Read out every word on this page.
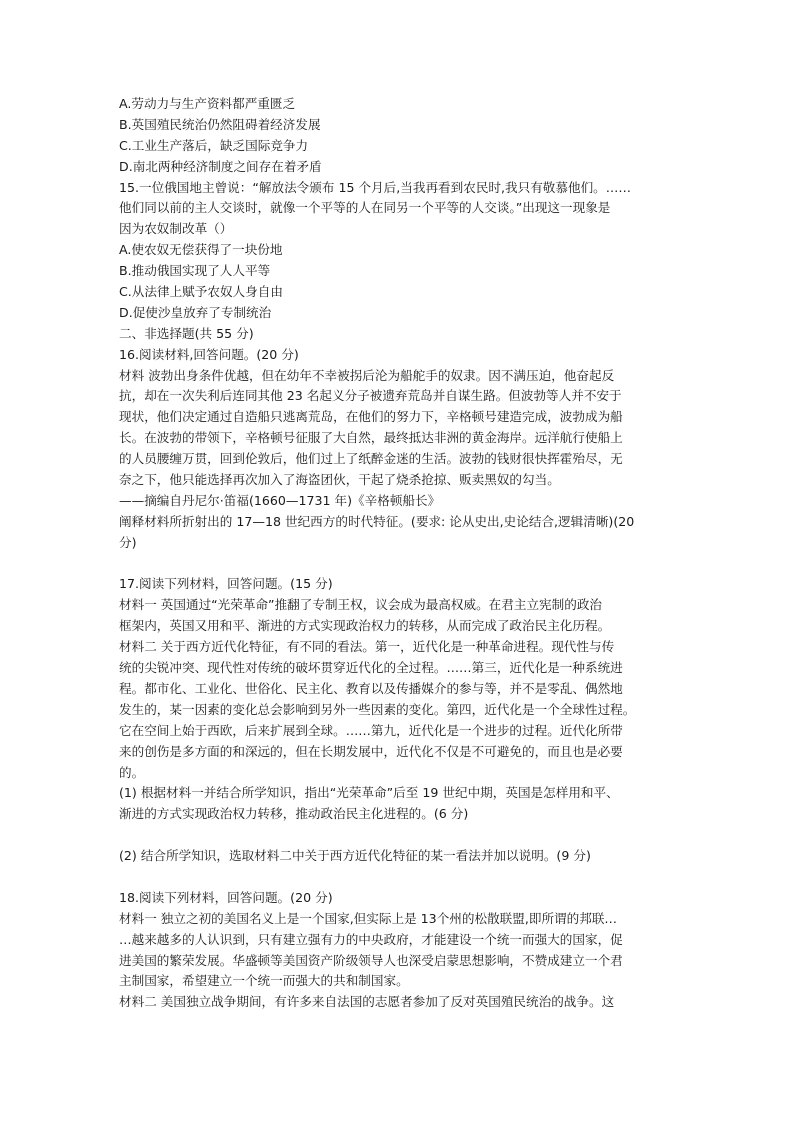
A.劳动力与生产资料都严重匮乏
B.英国殖民统治仍然阻碍着经济发展
C.工业生产落后，缺乏国际竞争力
D.南北两种经济制度之间存在着矛盾
15.一位俄国地主曾说：“解放法令颁布 15 个月后,当我再看到农民时,我只有敬慕他们。……
他们同以前的主人交谈时，就像一个平等的人在同另一个平等的人交谈。”出现这一现象是
因为农奴制改革（）
A.使农奴无偿获得了一块份地
B.推动俄国实现了人人平等
C.从法律上赋予农奴人身自由
D.促使沙皇放弃了专制统治
二、非选择题(共 55 分)
16.阅读材料,回答问题。(20 分)
材料 波勃出身条件优越，但在幼年不幸被拐后沦为船舵手的奴隶。因不满压迫，他奋起反
抗，却在一次失利后连同其他 23 名起义分子被遗弃荒岛并自谋生路。但波勃等人并不安于
现状，他们决定通过自造船只逃离荒岛，在他们的努力下，辛格顿号建造完成，波勃成为船
长。在波勃的带领下，辛格顿号征服了大自然，最终抵达非洲的黄金海岸。远洋航行使船上
的人员腰缠万贯，回到伦敦后，他们过上了纸醉金迷的生活。波勃的钱财很快挥霍殆尽，无
奈之下，他只能选择再次加入了海盗团伙，干起了烧杀抢掠、贩卖黑奴的勾当。
——摘编自丹尼尔·笛福(1660—1731 年)《辛格顿船长》
阐释材料所折射出的 17—18 世纪西方的时代特征。(要求: 论从史出,史论结合,逻辑清晰)(20
分)
17.阅读下列材料，回答问题。(15 分)
材料一 英国通过“光荣革命”推翻了专制王权，议会成为最高权威。在君主立宪制的政治
框架内，英国又用和平、渐进的方式实现政治权力的转移，从而完成了政治民主化历程。
材料二 关于西方近代化特征，有不同的看法。第一，近代化是一种革命进程。现代性与传
统的尖锐冲突、现代性对传统的破坏贯穿近代化的全过程。……第三，近代化是一种系统进
程。都市化、工业化、世俗化、民主化、教育以及传播媒介的参与等，并不是零乱、偶然地
发生的，某一因素的变化总会影响到另外一些因素的变化。第四，近代化是一个全球性过程。
它在空间上始于西欧，后来扩展到全球。……第九，近代化是一个进步的过程。近代化所带
来的创伤是多方面的和深远的，但在长期发展中，近代化不仅是不可避免的，而且也是必要
的。
(1) 根据材料一并结合所学知识，指出“光荣革命”后至 19 世纪中期，英国是怎样用和平、
渐进的方式实现政治权力转移，推动政治民主化进程的。(6 分)
(2) 结合所学知识，选取材料二中关于西方近代化特征的某一看法并加以说明。(9 分)
18.阅读下列材料，回答问题。(20 分)
材料一 独立之初的美国名义上是一个国家,但实际上是 13个州的松散联盟,即所谓的邦联…
…越来越多的人认识到，只有建立强有力的中央政府，才能建设一个统一而强大的国家，促
进美国的繁荣发展。华盛顿等美国资产阶级领导人也深受启蒙思想影响，不赞成建立一个君
主制国家，希望建立一个统一而强大的共和制国家。
材料二 美国独立战争期间，有许多来自法国的志愿者参加了反对英国殖民统治的战争。这
